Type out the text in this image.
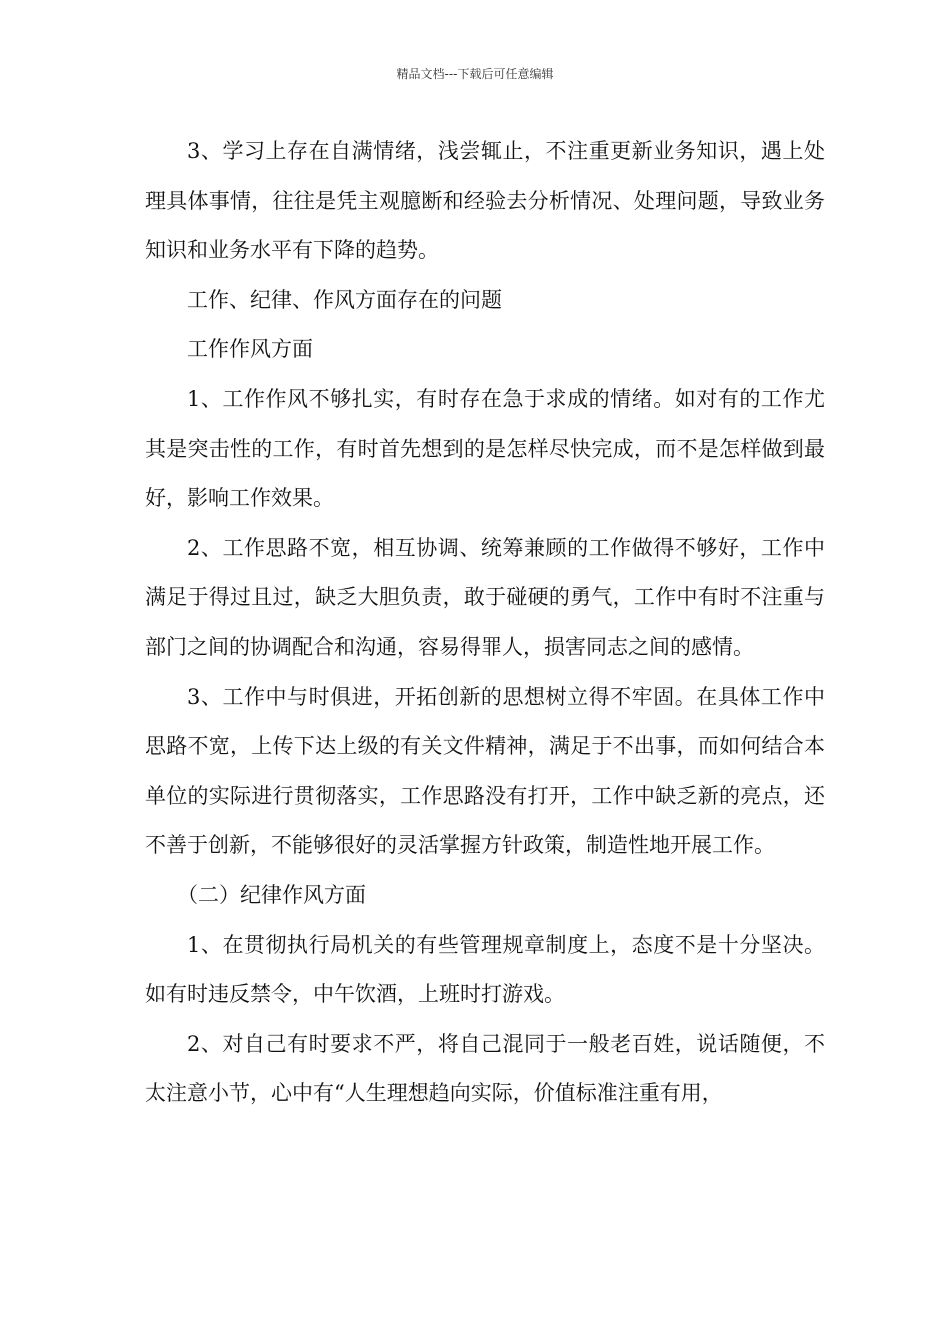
精品文档---下载后可任意编辑

3、学习上存在自满情绪，浅尝辄止，不注重更新业务知识，遇上处理具体事情，往往是凭主观臆断和经验去分析情况、处理问题，导致业务知识和业务水平有下降的趋势。

工作、纪律、作风方面存在的问题

工作作风方面

1、工作作风不够扎实，有时存在急于求成的情绪。如对有的工作尤其是突击性的工作，有时首先想到的是怎样尽快完成，而不是怎样做到最好，影响工作效果。

2、工作思路不宽，相互协调、统筹兼顾的工作做得不够好，工作中满足于得过且过，缺乏大胆负责，敢于碰硬的勇气，工作中有时不注重与部门之间的协调配合和沟通，容易得罪人，损害同志之间的感情。

3、工作中与时俱进，开拓创新的思想树立得不牢固。在具体工作中思路不宽，上传下达上级的有关文件精神，满足于不出事，而如何结合本单位的实际进行贯彻落实，工作思路没有打开，工作中缺乏新的亮点，还不善于创新，不能够很好的灵活掌握方针政策，制造性地开展工作。

（二）纪律作风方面

1、在贯彻执行局机关的有些管理规章制度上，态度不是十分坚决。如有时违反禁令，中午饮酒，上班时打游戏。

2、对自己有时要求不严，将自己混同于一般老百姓，说话随便，不太注意小节，心中有“人生理想趋向实际，价值标准注重有用，
